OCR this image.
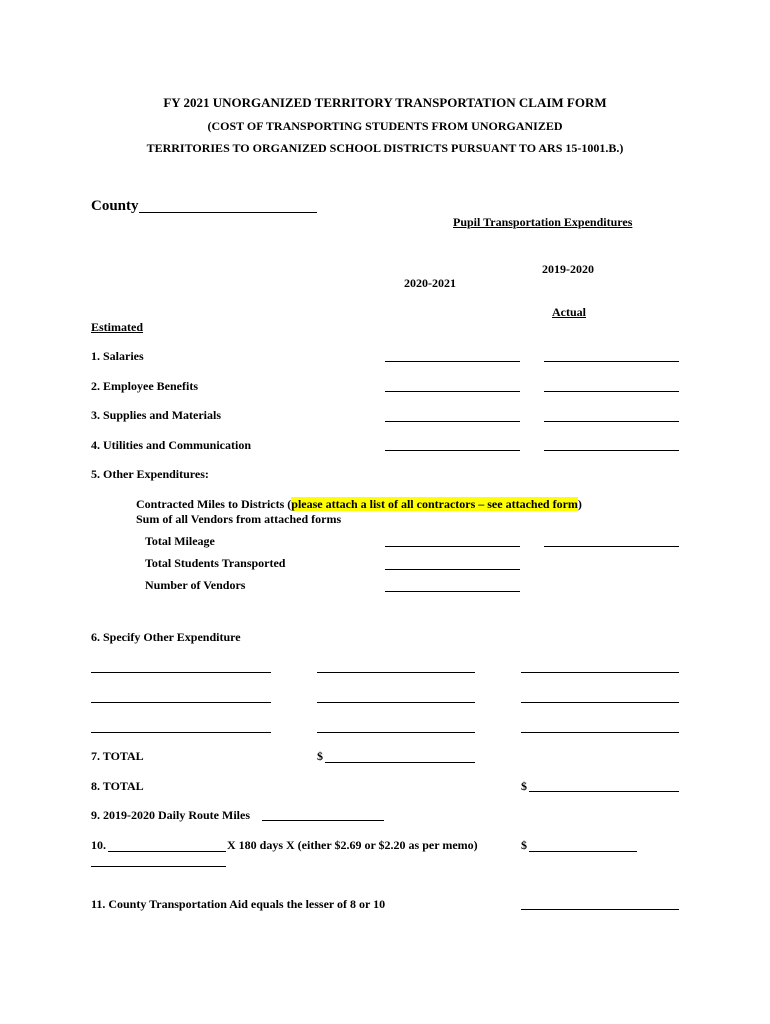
FY 2021 UNORGANIZED TERRITORY TRANSPORTATION CLAIM FORM
(COST OF TRANSPORTING STUDENTS FROM UNORGANIZED
TERRITORIES TO ORGANIZED SCHOOL DISTRICTS PURSUANT TO ARS 15-1001.B.)
County
Pupil Transportation Expenditures
2019-2020
2020-2021
Actual
Estimated
1. Salaries
2. Employee Benefits
3. Supplies and Materials
4. Utilities and Communication
5. Other Expenditures:
Contracted Miles to Districts (please attach a list of all contractors – see attached form)
Sum of all Vendors from attached forms
Total Mileage
Total Students Transported
Number of Vendors
6. Specify Other Expenditure
7. TOTAL	$
8. TOTAL	$
9. 2019-2020 Daily Route Miles
10.	X 180 days X (either $2.69 or $2.20 as per memo)	$
11. County Transportation Aid equals the lesser of 8 or 10
